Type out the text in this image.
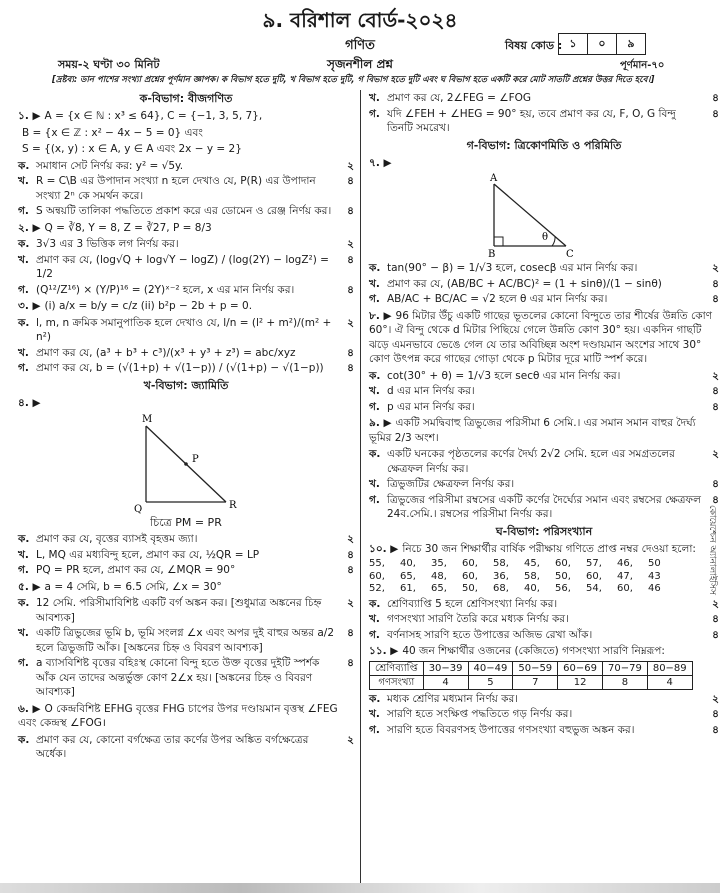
৯. বরিশাল বোর্ড-২০২৪
গণিত	বিষয় কোড : ১	০	৯
সময়-২ ঘণ্টা ৩০ মিনিট	সৃজনশীল প্রশ্ন	পূর্ণমান-৭০
[দ্রষ্টব্য: ডান পাশের সংখ্যা প্রশ্নের পূর্ণমান জ্ঞাপক। ক বিভাগ হতে দুটি, খ বিভাগ হতে দুটি, গ বিভাগ হতে দুটি এবং ঘ বিভাগ হতে একটি করে মোট সাতটি প্রশ্নের উত্তর দিতে হবে।]
ক-বিভাগ: বীজগণিত
১. ▶ A = {x ∈ ℕ : x³ ≤ 64}, C = {−1, 3, 5, 7},
B = {x ∈ ℤ : x² − 4x − 5 = 0} এবং
S = {(x, y) : x ∈ A, y ∈ A এবং 2x − y = 2}
ক. সমাধান সেট নির্ণয় কর: y² = √5y.	২
খ. R = C\B এর উপাদান সংখ্যা n হলে দেখাও যে, P(R) এর উপাদান সংখ্যা 2ⁿ কে সমর্থন করে।
৪
গ. S অন্বয়টি তালিকা পদ্ধতিতে প্রকাশ করে এর ডোমেন ও রেঞ্জ নির্ণয় কর।	৪
২. ▶ Q = ∛8, Y = 8, Z = ∛27, P = 8/3
ক. 3√3 এর 3 ভিত্তিক লগ নির্ণয় কর।	২
খ. প্রমাণ কর যে, (log√Q + log√Y − logZ) / (log(2Y) − logZ²) = 1/2
৪
গ. (Q¹²/Z¹⁶) × (Y/P)¹⁶ = (2Y)ˣ⁻² হলে, x এর মান নির্ণয় কর।	৪
৩. ▶ (i) a/x = b/y = c/z (ii) b²p − 2b + p = 0.
ক. l, m, n ক্রমিক সমানুপাতিক হলে দেখাও যে, l/n = (l² + m²)/(m² + n²)
২
খ. প্রমাণ কর যে, (a³ + b³ + c³)/(x³ + y³ + z³) = abc/xyz	৪
গ. প্রমাণ কর যে, b = (√(1+p) + √(1−p)) / (√(1+p) − √(1−p))	৪
খ-বিভাগ: জ্যামিতি
৪. ▶
M
P
Q	R
চিত্রে PM = PR
ক. প্রমাণ কর যে, বৃত্তের ব্যাসই বৃহত্তম জ্যা।	২
খ. L, MQ এর মধ্যবিন্দু হলে, প্রমাণ কর যে, ½QR = LP	৪
গ. PQ = PR হলে, প্রমাণ কর যে, ∠MQR = 90°	৪
৫. ▶ a = 4 সেমি, b = 6.5 সেমি, ∠x = 30°
ক. 12 সেমি. পরিসীমাবিশিষ্ট একটি বর্গ অঙ্কন কর। [শুধুমাত্র অঙ্কনের চিহ্ন আবশ্যক]
২
খ. একটি ত্রিভুজের ভূমি b, ভূমি সংলগ্ন ∠x এবং অপর দুই বাহুর অন্তর a/2 হলে ত্রিভুজটি আঁক। [অঙ্কনের চিহ্ন ও বিবরণ আবশ্যক]
৪
গ. a ব্যাসবিশিষ্ট বৃত্তের বহিঃস্থ কোনো বিন্দু হতে উক্ত বৃত্তের দুইটি স্পর্শক আঁক যেন তাদের অন্তর্ভুক্ত কোণ 2∠x হয়। [অঙ্কনের চিহ্ন ও বিবরণ আবশ্যক]
৪
৬. ▶ O কেন্দ্রবিশিষ্ট EFHG বৃত্তের FHG চাপের উপর দণ্ডায়মান বৃত্তস্থ ∠FEG এবং কেন্দ্রস্থ ∠FOG।
ক. প্রমাণ কর যে, কোনো বর্গক্ষেত্র তার কর্ণের উপর অঙ্কিত বর্গক্ষেত্রের অর্ধেক।
২
খ. প্রমাণ কর যে, 2∠FEG = ∠FOG	৪
গ. যদি ∠FEH + ∠HEG = 90° হয়, তবে প্রমাণ কর যে, F, O, G বিন্দু তিনটি সমরেখ।
৪
গ-বিভাগ: ত্রিকোণমিতি ও পরিমিতি
৭. ▶
A
B	C
θ
ক. tan(90° − β) = 1/√3 হলে, cosecβ এর মান নির্ণয় কর।	২
খ. প্রমাণ কর যে, (AB/BC + AC/BC)² = (1 + sinθ)/(1 − sinθ)	৪
গ. AB/AC + BC/AC = √2 হলে θ এর মান নির্ণয় কর।	৪
৮. ▶ 96 মিটার উঁচু একটি গাছের ভূতলের কোনো বিন্দুতে তার শীর্ষের উন্নতি কোণ 60°। ঐ বিন্দু থেকে d মিটার পিছিয়ে গেলে উন্নতি কোণ 30° হয়। একদিন গাছটি ঝড়ে এমনভাবে ভেঙে গেল যে তার অবিচ্ছিন্ন অংশ দণ্ডায়মান অংশের সাথে 30° কোণ উৎপন্ন করে গাছের গোড়া থেকে p মিটার দূরে মাটি স্পর্শ করে।
ক. cot(30° + θ) = 1/√3 হলে secθ এর মান নির্ণয় কর।	২
খ. d এর মান নির্ণয় কর।	৪
গ. p এর মান নির্ণয় কর।	৪
৯. ▶ একটি সমদ্বিবাহু ত্রিভুজের পরিসীমা 6 সেমি.। এর সমান সমান বাহুর দৈর্ঘ্য ভূমির 2/3 অংশ।
ক. একটি ঘনকের পৃষ্ঠতলের কর্ণের দৈর্ঘ্য 2√2 সেমি. হলে এর সমগ্রতলের ক্ষেত্রফল নির্ণয় কর।
২
খ. ত্রিভুজটির ক্ষেত্রফল নির্ণয় কর।	৪
গ. ত্রিভুজের পরিসীমা রম্বসের একটি কর্ণের দৈর্ঘ্যের সমান এবং রম্বসের ক্ষেত্রফল 24ব.সেমি.। রম্বসের পরিসীমা নির্ণয় কর।
৪
ঘ-বিভাগ: পরিসংখ্যান
১০. ▶ নিচে 30 জন শিক্ষার্থীর বার্ষিক পরীক্ষায় গণিতে প্রাপ্ত নম্বর দেওয়া হলো:
55,	40,	35,	60,	58,	45,	60,	57,	46,	50
60,	65,	48,	60,	36,	58,	50,	60,	47,	43
52,	61,	65,	50,	68,	40,	56,	54,	60,	46
ক. শ্রেণিব্যাপ্তি 5 হলে শ্রেণিসংখ্যা নির্ণয় কর।	২
খ. গণসংখ্যা সারণি তৈরি করে মধ্যক নির্ণয় কর।	৪
গ. বর্ণনাসহ সারণি হতে উপাত্তের অজিভ রেখা আঁক।	৪
১১. ▶ 40 জন শিক্ষার্থীর ওজনের (কেজিতে) গণসংখ্যা সারণি নিম্নরূপ:
শ্রেণিব্যাপ্তি	30−39	40−49	50−59	60−69	70−79	80−89
গণসংখ্যা	4	5	7	12	8	4
ক. মধ্যক শ্রেণির মধ্যমান নির্ণয় কর।	২
খ. সারণি হতে সংক্ষিপ্ত পদ্ধতিতে গড় নির্ণয় কর।	৪
গ. সারণি হতে বিবরণসহ উপাত্তের গণসংখ্যা বহুভুজ অঙ্কন কর।	৪
কোয়েশ্চেন অ্যানালাইসিস
